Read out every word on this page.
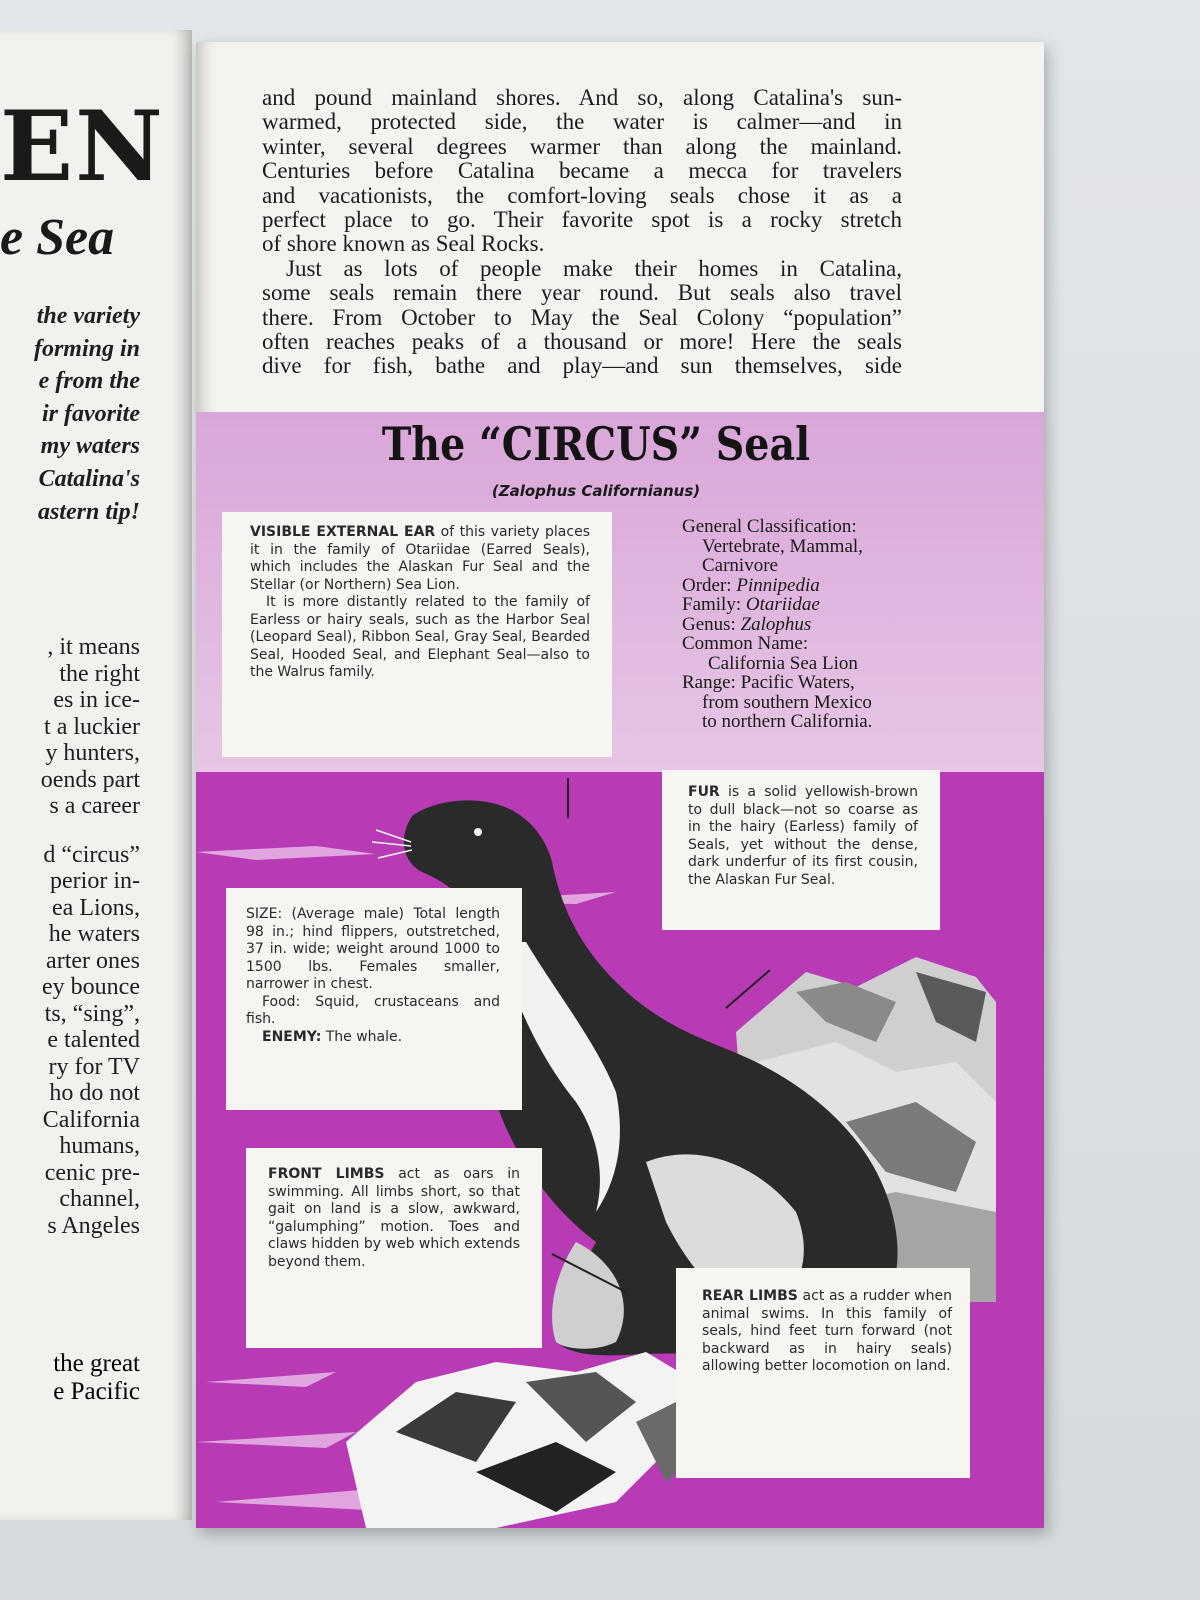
EN
e Sea
the variety
forming in
e from the
ir favorite
my waters
Catalina's
astern tip!
, it means
the right
es in ice-
t a luckier
y hunters,
oends part
s a career
d “circus”
perior in-
ea Lions,
he waters
arter ones
ey bounce
ts, “sing”,
e talented
ry for TV
ho do not
California
humans,
cenic pre-
channel,
s Angeles
the great
e Pacific
and pound mainland shores. And so, along Catalina's sun-
warmed, protected side, the water is calmer—and in
winter, several degrees warmer than along the mainland.
Centuries before Catalina became a mecca for travelers
and vacationists, the comfort-loving seals chose it as a
perfect place to go. Their favorite spot is a rocky stretch
of shore known as Seal Rocks.
Just as lots of people make their homes in Catalina,
some seals remain there year round. But seals also travel
there. From October to May the Seal Colony “population”
often reaches peaks of a thousand or more! Here the seals
dive for fish, bathe and play—and sun themselves, side
The “CIRCUS” Seal
(Zalophus Californianus)

VISIBLE EXTERNAL EAR of this variety places it in the family of Otariidae (Earred Seals), which includes the Alaskan Fur Seal and the Stellar (or Northern) Sea Lion.

It is more distantly related to the family of Earless or hairy seals, such as the Harbor Seal (Leopard Seal), Ribbon Seal, Gray Seal, Bearded Seal, Hooded Seal, and Elephant Seal—also to the Walrus family.

General Classification:
Vertebrate, Mammal,
Carnivore
Order: Pinnipedia
Family: Otariidae
Genus: Zalophus
Common Name:
California Sea Lion
Range: Pacific Waters,
from southern Mexico
to northern California.

FUR is a solid yellowish-brown to dull black—not so coarse as in the hairy (Earless) family of Seals, yet without the dense, dark underfur of its first cousin, the Alaskan Fur Seal.

SIZE: (Average male) Total length 98 in.; hind flippers, outstretched, 37 in. wide; weight around 1000 to 1500 lbs. Females smaller, narrower in chest.

Food: Squid, crustaceans and fish.

ENEMY: The whale.

FRONT LIMBS act as oars in swimming. All limbs short, so that gait on land is a slow, awkward, “galumphing” motion. Toes and claws hidden by web which extends beyond them.

REAR LIMBS act as a rudder when animal swims. In this family of seals, hind feet turn forward (not backward as in hairy seals) allowing better locomotion on land.
